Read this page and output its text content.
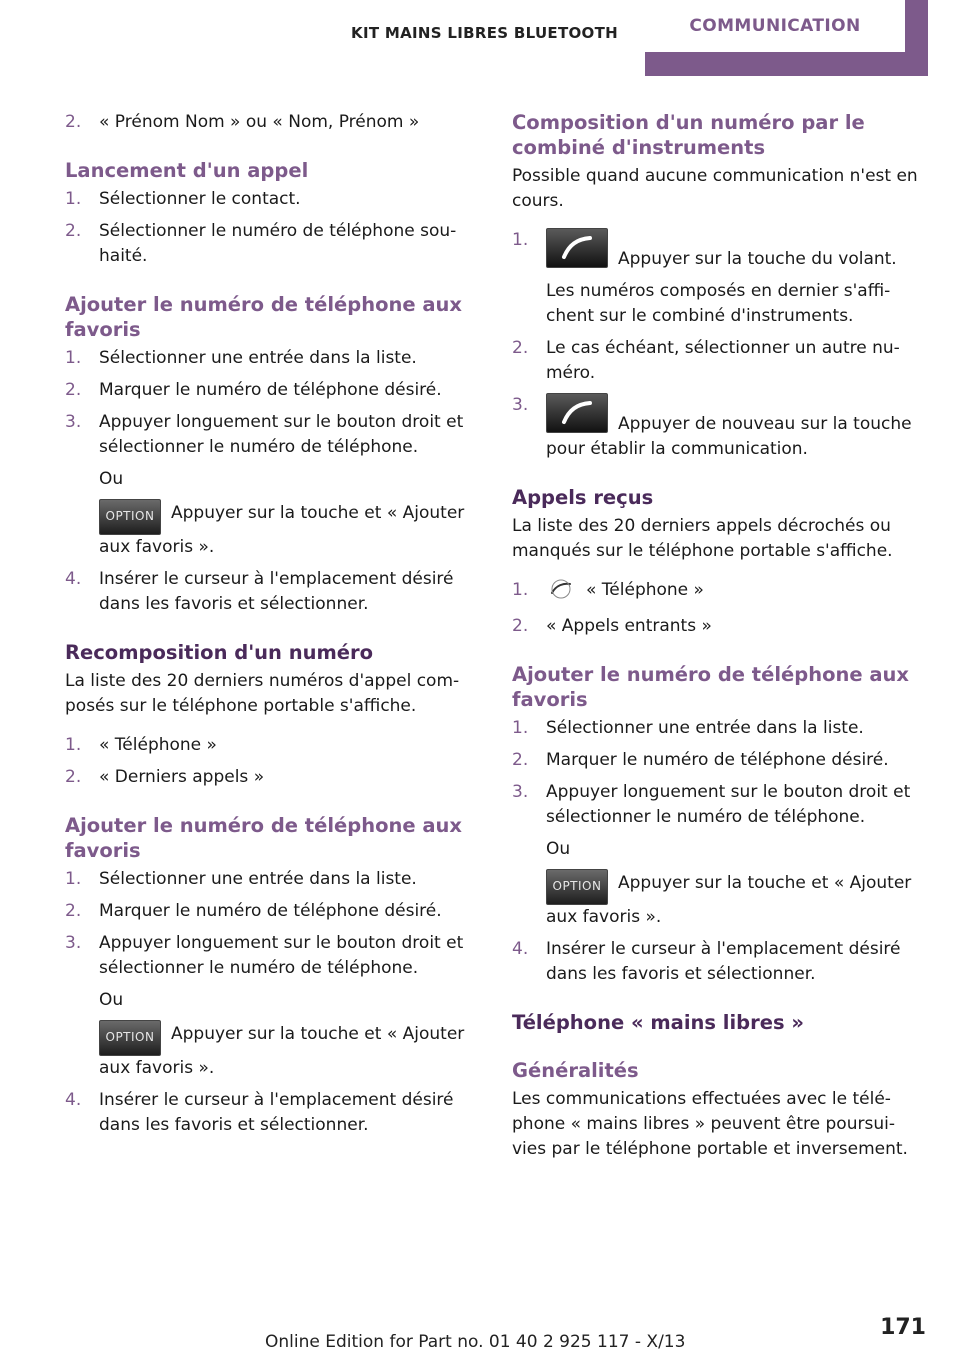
KIT MAINS LIBRES BLUETOOTH	COMMUNICATION
2. « Prénom Nom » ou « Nom, Prénom »
Lancement d'un appel
1. Sélectionner le contact.
2. Sélectionner le numéro de téléphone sou‐haité.
Ajouter le numéro de téléphone aux favoris
1. Sélectionner une entrée dans la liste.
2. Marquer le numéro de téléphone désiré.
3. Appuyer longuement sur le bouton droit et sélectionner le numéro de téléphone.
Ou
OPTION Appuyer sur la touche et « Ajouter aux favoris ».
4. Insérer le curseur à l'emplacement désiré dans les favoris et sélectionner.
Recomposition d'un numéro

La liste des 20 derniers numéros d'appel com‐posés sur le téléphone portable s'affiche.

1. « Téléphone »
2. « Derniers appels »
Ajouter le numéro de téléphone aux favoris
1. Sélectionner une entrée dans la liste.
2. Marquer le numéro de téléphone désiré.
3. Appuyer longuement sur le bouton droit et sélectionner le numéro de téléphone.
Ou
OPTION Appuyer sur la touche et « Ajouter aux favoris ».
4. Insérer le curseur à l'emplacement désiré dans les favoris et sélectionner.
Composition d'un numéro par le combiné d'instruments

Possible quand aucune communication n'est en cours.

1.
Appuyer sur la touche du volant.
Les numéros composés en dernier s'affi‐chent sur le combiné d'instruments.
2. Le cas échéant, sélectionner un autre nu‐méro.
3.
Appuyer de nouveau sur la touche pour établir la communication.
Appels reçus

La liste des 20 derniers appels décrochés ou manqués sur le téléphone portable s'affiche.

1.	« Téléphone »
2. « Appels entrants »
Ajouter le numéro de téléphone aux favoris
1. Sélectionner une entrée dans la liste.
2. Marquer le numéro de téléphone désiré.
3. Appuyer longuement sur le bouton droit et sélectionner le numéro de téléphone.
Ou
OPTION Appuyer sur la touche et « Ajouter aux favoris ».
4. Insérer le curseur à l'emplacement désiré dans les favoris et sélectionner.
Téléphone « mains libres »
Généralités

Les communications effectuées avec le télé‐phone « mains libres » peuvent être poursui‐vies par le téléphone portable et inversement.

171
Online Edition for Part no. 01 40 2 925 117 - X/13
